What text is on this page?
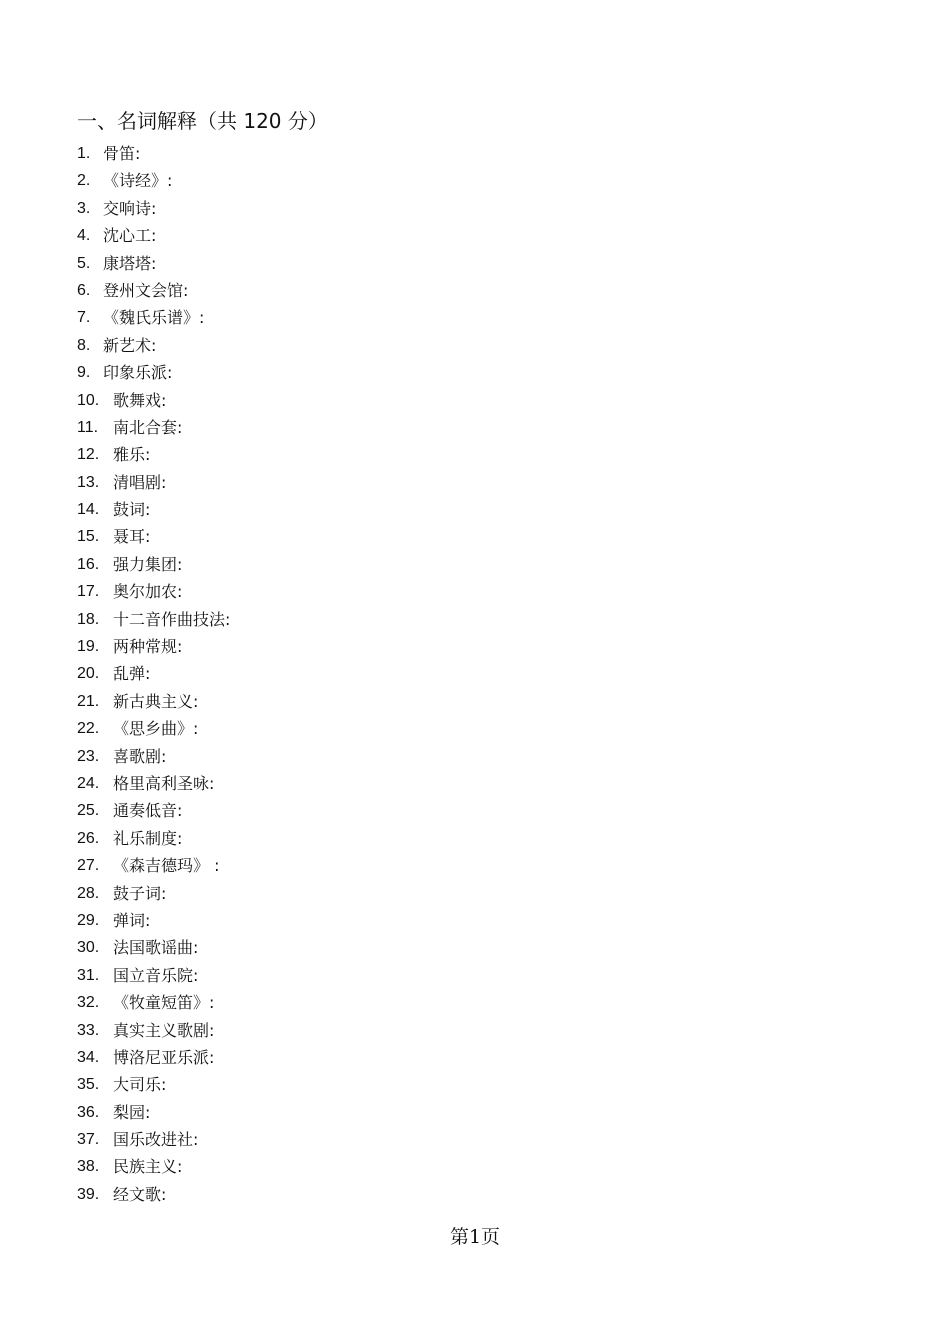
一、名词解释（共 120 分）
1. 骨笛:
2. 《诗经》:
3. 交响诗:
4. 沈心工:
5. 康塔塔:
6. 登州文会馆:
7. 《魏氏乐谱》:
8. 新艺术:
9. 印象乐派:
10. 歌舞戏:
11. 南北合套:
12. 雅乐:
13. 清唱剧:
14. 鼓词:
15. 聂耳:
16. 强力集团:
17. 奥尔加农:
18. 十二音作曲技法:
19. 两种常规:
20. 乱弹:
21. 新古典主义:
22. 《思乡曲》:
23. 喜歌剧:
24. 格里高利圣咏:
25. 通奏低音:
26. 礼乐制度:
27. 《森吉德玛》 :
28. 鼓子词:
29. 弹词:
30. 法国歌谣曲:
31. 国立音乐院:
32. 《牧童短笛》:
33. 真实主义歌剧:
34. 博洛尼亚乐派:
35. 大司乐:
36. 梨园:
37. 国乐改进社:
38. 民族主义:
39. 经文歌:
第1页
